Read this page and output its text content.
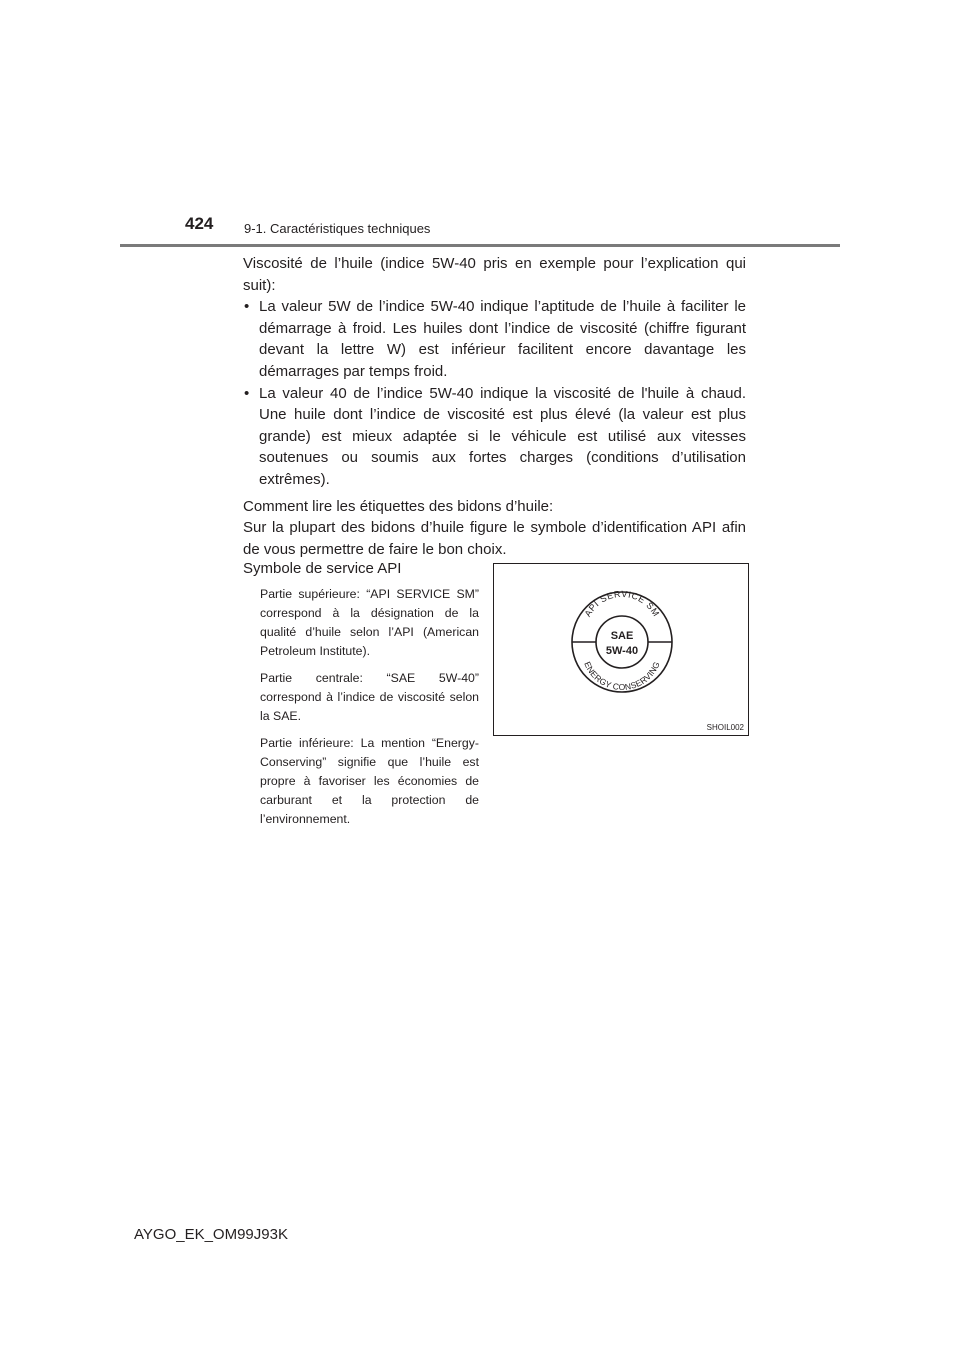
424 9-1. Caractéristiques techniques

Viscosité de l’huile (indice 5W-40 pris en exemple pour l’explication qui suit):

• La valeur 5W de l’indice 5W-40 indique l’aptitude de l’huile à faciliter le démarrage à froid. Les huiles dont l’indice de viscosité (chiffre figurant devant la lettre W) est inférieur facilitent encore davantage les démarrages par temps froid.
• La valeur 40 de l’indice 5W-40 indique la viscosité de l'huile à chaud. Une huile dont l’indice de viscosité est plus élevé (la valeur est plus grande) est mieux adaptée si le véhicule est utilisé aux vitesses soutenues ou soumis aux fortes charges (conditions d’utilisation extrêmes).

Comment lire les étiquettes des bidons d’huile:

Sur la plupart des bidons d’huile figure le symbole d’identification API afin de vous permettre de faire le bon choix.

Symbole de service API

Partie supérieure: “API SERVICE SM” correspond à la désignation de la qualité d’huile selon l’API (American Petroleum Institute).

Partie centrale: “SAE 5W-40” correspond à l’indice de viscosité selon la SAE.

Partie inférieure: La mention “Energy-Conserving” signifie que l’huile est propre à favoriser les économies de carburant et la protection de l’environnement.

API SERVICE SM
ENERGY CONSERVING
SAE
5W-40
SHOIL002
AYGO_EK_OM99J93K
